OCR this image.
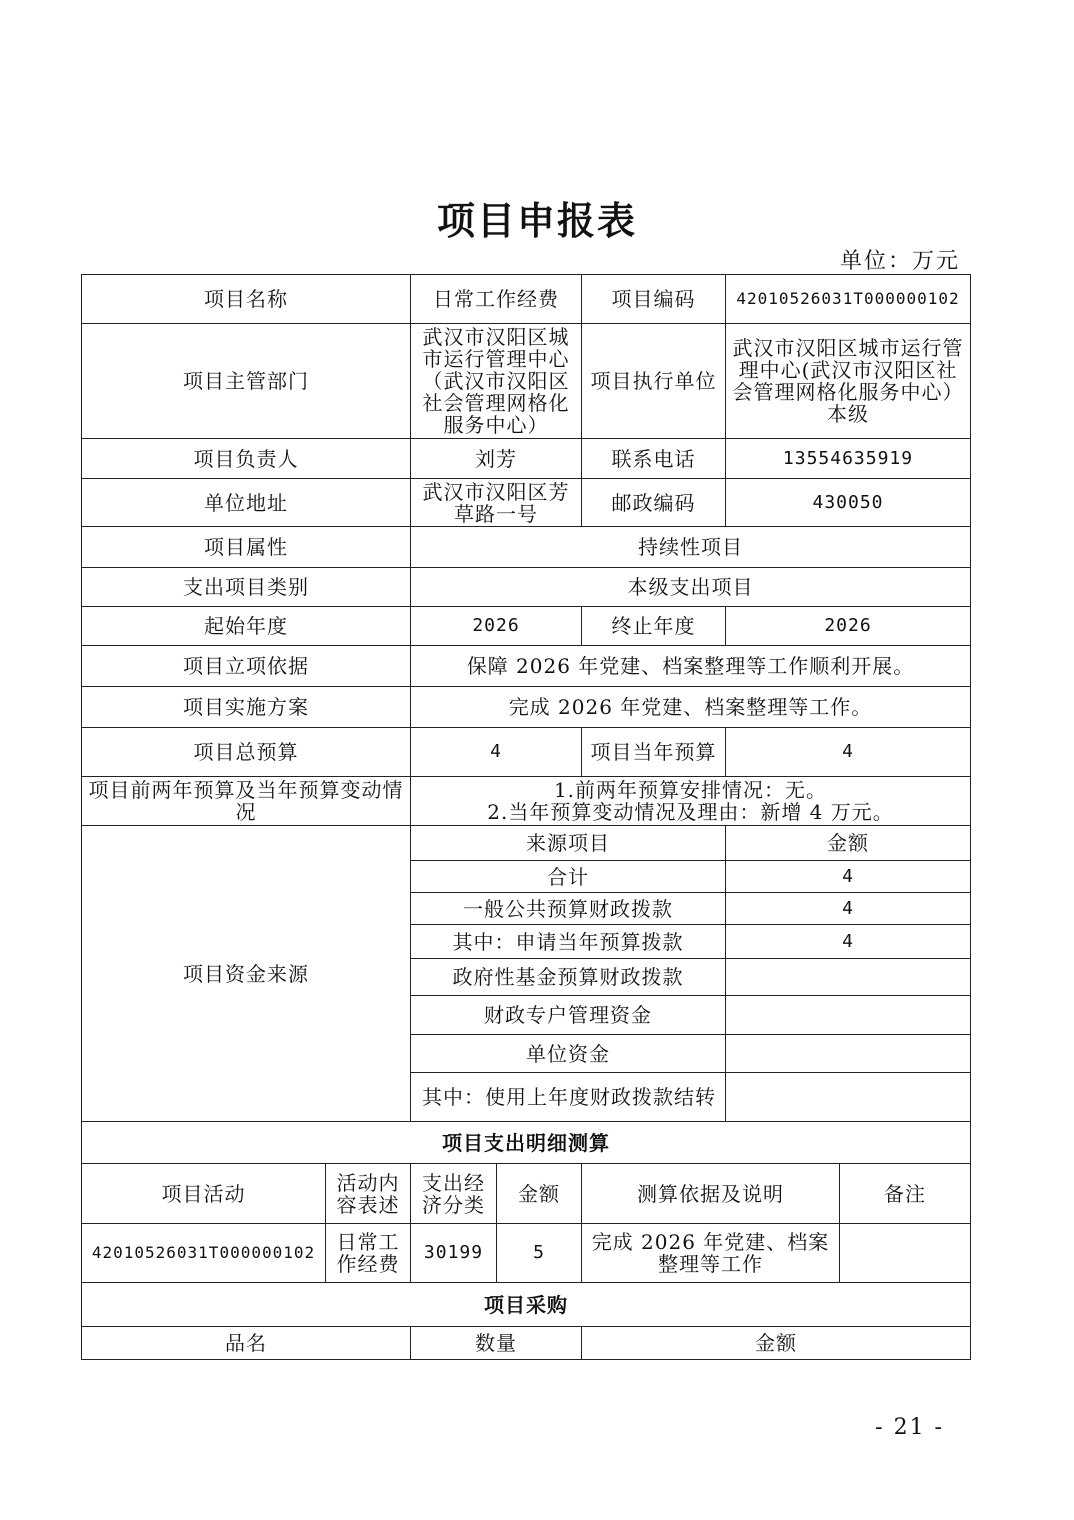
项目申报表
单位：万元
项目名称		日常工作经费		项目编码	42010526031T000000102	
项目主管部门		武汉市汉阳区城市运行管理中心（武汉市汉阳区社会管理网格化服务中心）		项目执行单位	武汉市汉阳区城市运行管理中心(武汉市汉阳区社会管理网格化服务中心）本级	
项目负责人		刘芳		联系电话	13554635919	
单位地址		武汉市汉阳区芳草路一号		邮政编码	430050	
项目属性		持续性项目				
支出项目类别		本级支出项目				
起始年度		2026		终止年度	2026	
项目立项依据		保障 2026 年党建、档案整理等工作顺利开展。				
项目实施方案		完成 2026 年党建、档案整理等工作。				
项目总预算		4		项目当年预算	4	
项目前两年预算及当年预算变动情况		1.前两年预算安排情况：无。
2.当年预算变动情况及理由：新增 4 万元。				

项目资金来源		来源项目			金额	
		合计			4	
		一般公共预算财政拨款			4	
		其中：申请当年预算拨款			4	
		政府性基金预算财政拨款				
		财政专户管理资金				
		单位资金				
		其中：使用上年度财政拨款结转				
项目支出明细测算						
项目活动	活动内容表述	支出经济分类	金额	测算依据及说明		备注
42010526031T000000102	日常工作经费	30199	5	完成 2026 年党建、档案整理等工作		
项目采购						
品名		数量		金额		
- 21 -
